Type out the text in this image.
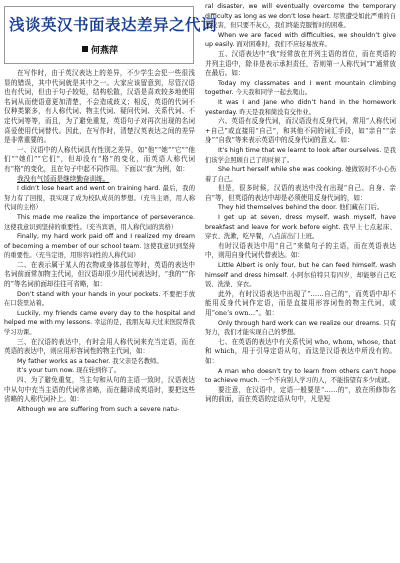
浅谈英汉书面表达差异之代词
何燕萍

在写作时，由于英汉表达上的差异，不少学生会犯一些很浅显的错误，其中代词就是其中之一。大家应该留意到，尽管汉语也有代词，但由于句子较短，结构松散，汉语是喜欢较多地使用名词从而使语意更加清楚，不会造成歧义；相反，英语的代词不仅种类繁多，有人称代词、物主代词、疑问代词、关系代词、不定代词等等，而且，为了避免重复，英语句子对再次出现的名词喜爱使用代词替代。因此，在写作时，清楚汉英表达之间的差异是非常重要的。

一、汉语中的人称代词具有性别之差异，如“他”“她”“它”“他们”“她们”“它们”，但却没有“格”的变化，而英语人称代词有“格”的变化，且在句子中起不同作用。下面以“我”为例，如：

我没有气馁而是继续勤奋训练。

I didn’t lose heart and went on training hard. 最后，我的努力有了回报，我实现了成为校队成员的梦想。（充当主语，用人称代词的主格）

This made me realize the importance of perseverance. 这使我意识到坚持的重要性。（充当宾语，用人称代词的宾格）

Finally, my hard work paid off and I realized my dream of becoming a member of our school team. 这使我意识到坚持的重要性。（充当定语，用形容词性的人称代词）

二、在表示属于某人的衣物或身体部位等时，英语的表达中名词前面常加物主代词，但汉语却很少用代词表达时，“我的”“你的”等名词前面却往往可省略，如：

Don’t stand with your hands in your pockets. 不要把手放在口袋里站着。

Luckily, my friends came every day to the hospital and helped me with my lessons. 幸运的是，我朋友每天过来医院帮我学习功课。

三、在汉语的表达中，有时会用人称代词来充当定语，而在英语的表达中，则应用形容词性的物主代词，如：

My father works as a teacher. 我父亲是名教师。

It’s your turn now. 现在轮到你了。

四、为了避免重复，当主句和从句的主语一致时，汉语表达中从句中充当主语的代词常省略，而在翻译成英语时，要把这些省略的人称代词补上。如：

Although we are suffering from such a severe natu-

ral disaster, we will eventually overcome the temporary difficulty as long as we don’t lose heart. 尽管遭受如此严重的自然灾害，但只要不灰心，我们终能克服暂时的困难。

When we are faced with difficulties, we shouldn’t give up easily. 面对困难时，我们不应轻易放弃。

五、汉语表达中“我”经常放在并列主语的首位，而在英语的并列主语中，除非是表示承担责任，否则第一人称代词“I”通常放在最后。如：

Today my classmates and I went mountain climbing together. 今天我和同学一起去爬山。

It was I and Jane who didn’t hand in the homework yesterday. 昨天是我和简没有交作业。

六、英语有反身代词，而汉语没有反身代词，常用“人称代词+自己”或直接用“自己”，和其他不同的词汇手段，如“亲自”“亲身”“自我”等来表示英语中的反身代词的意义。如：

It’s high time that we learnt to look after ourselves. 是我们该学会照顾自己了的时候了。

She hurt herself while she was cooking. 她做饭时不小心伤着了自己。

但是，很多时候，汉语的表达中没有出现“自己、自身、亲自”等，但英语的表达中却是必须使用反身代词的，如：

They hid themselves behind the door. 他们藏在门后。

I get up at seven, dress myself, wash myself, have breakfast and leave for work before eight. 我早上七点起床、穿衣、洗漱，吃早餐，八点前出门上班。

有时汉语表达中用“自己”来做句子的主语，而在英语表达中，则用自身代词代替表达。如：

Little Albert is only four, but he can feed himself, wash himself and dress himself. 小阿尔伯特只有四岁，却能够自己吃饭、洗澡、穿衣。

此外，有时汉语表达中出现了“……自己的”，而英语中却不能用反身代词作定语，而是直接用形容词性的物主代词，或用“one’s own…”。如：

Only through hard work can we realize our dreams. 只有努力，我们才能实现自己的梦想。

七、在英语的表达中有关系代词 who, whom, whose, that 和 which，用于引导定语从句，而这是汉语表达中所没有的。如：

A man who doesn’t try to learn from others can’t hope to achieve much. 一个不向别人学习的人，不能指望有多少成就。

要注意，在汉语中，定语一般要是“……的”，放在所修饰名词的前面，而在英语的定语从句中，凡是短
